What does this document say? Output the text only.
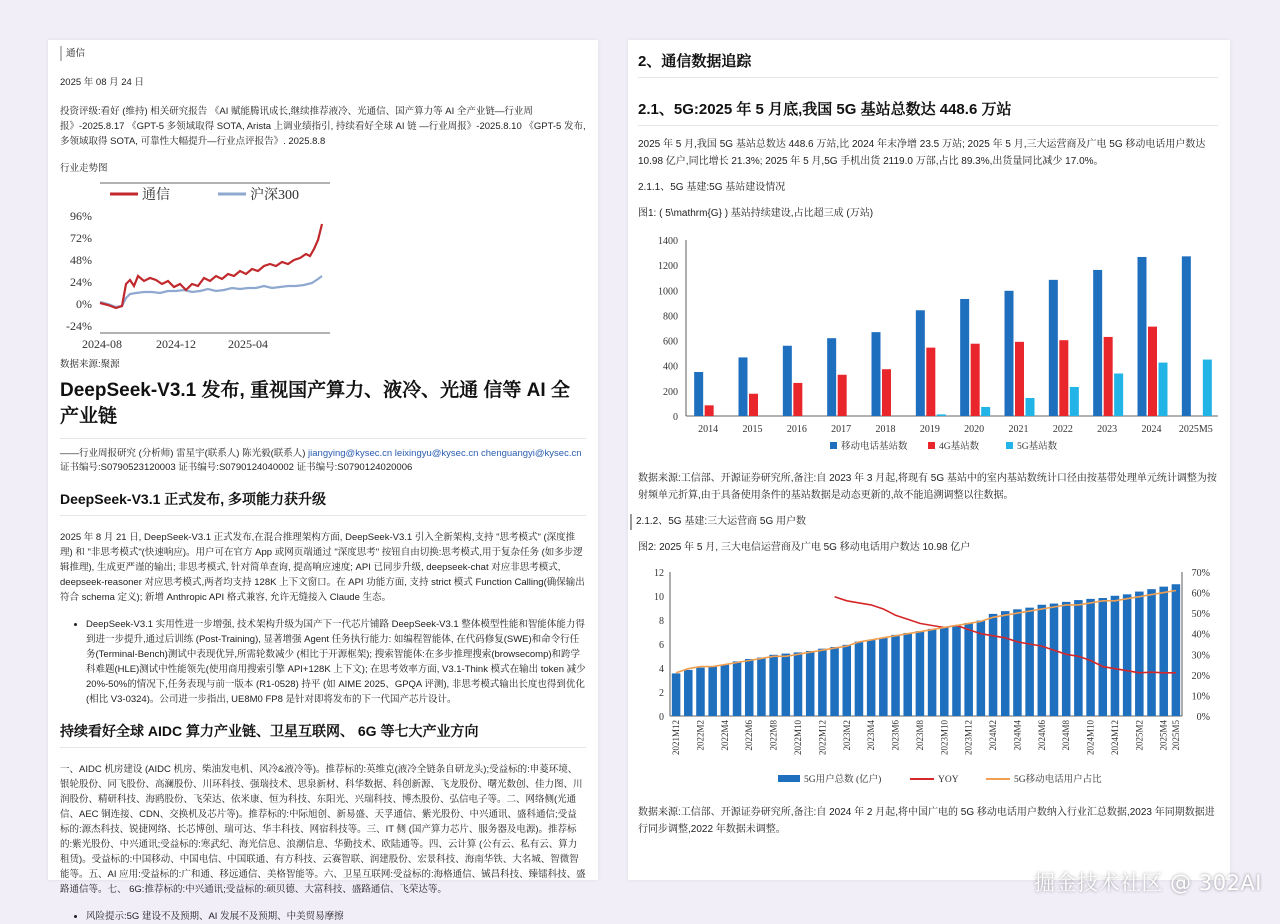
通信
2025 年 08 月 24 日
投资评级:看好 (维持) 相关研究报告 《AI 赋能腾讯成长,继续推荐液冷、光通信、国产算力等 AI 全产业链—行业周报》-2025.8.17 《GPT-5 多领域取得 SOTA, Arista 上调业绩指引, 持续看好全球 AI 链 —行业周报》-2025.8.10 《GPT-5 发布, 多领域取得 SOTA, 可靠性大幅提升—行业点评报告》. 2025.8.8
行业走势图
通信	沪深300
96%
72%
48%
24%
0%
-24%
2024-08	2024-12	2025-04
数据来源:聚源
DeepSeek-V3.1 发布, 重视国产算力、液冷、光通 信等 AI 全产业链
——行业周报研究 (分析师) 雷星宇(联系人) 陈光毅(联系人) jiangying@kysec.cn leixingyu@kysec.cn chenguangyi@kysec.cn 证书编号:S0790523120003 证书编号:S0790124040002 证书编号:S0790124020006
DeepSeek-V3.1 正式发布, 多项能力获升级

2025 年 8 月 21 日, DeepSeek-V3.1 正式发布,在混合推理架构方面, DeepSeek-V3.1 引入全新架构,支持 "思考模式" (深度推理) 和 "非思考模式"(快速响应)。用户可在官方 App 或网页端通过 "深度思考" 按钮自由切换:思考模式,用于复杂任务 (如多步逻辑推理), 生成更严谨的输出; 非思考模式, 针对简单查询, 提高响应速度; API 已同步升级, deepseek-chat 对应非思考模式, deepseek-reasoner 对应思考模式,两者均支持 128K 上下文窗口。在 API 功能方面, 支持 strict 模式 Function Calling(确保输出符合 schema 定义); 新增 Anthropic API 格式兼容, 允许无缝接入 Claude 生态。

• DeepSeek-V3.1 实用性进一步增强, 技术架构升级为国产下一代芯片铺路 DeepSeek-V3.1 整体模型性能和智能体能力得到进一步提升,通过后训练 (Post-Training), 显著增强 Agent 任务执行能力: 如编程智能体, 在代码修复(SWE)和命令行任务(Terminal-Bench)测试中表现优异,所需轮数减少 (相比于开源框架); 搜索智能体:在多步推理搜索(browsecomp)和跨学科难题(HLE)测试中性能领先(使用商用搜索引擎 API+128K 上下文); 在思考效率方面, V3.1-Think 模式在输出 token 减少 20%-50%的情况下,任务表现与前一版本 (R1-0528) 持平 (如 AIME 2025、GPQA 评测), 非思考模式输出长度也得到优化(相比 V3-0324)。公司进一步指出, UE8M0 FP8 是针对即将发布的下一代国产芯片设计。
持续看好全球 AIDC 算力产业链、卫星互联网、 6G 等七大产业方向

一、AIDC 机房建设 (AIDC 机房、柴油发电机、风冷&液冷等)。推荐标的:英维克(液冷全链条自研龙头);受益标的:申菱环境、银轮股份、同飞股份、高澜股份、川环科技、强瑞技术、思泉新材、科华数据、科创新源、飞龙股份、曙光数创、佳力图、川润股份、精研科技、海鸥股份、飞荣达、依米康、恒为科技、东阳光、兴瑞科技、博杰股份、弘信电子等。二、网络侧(光通信、AEC 铜连接、CDN、交换机及芯片等)。推荐标的:中际旭创、新易盛、天孚通信、紫光股份、中兴通讯、盛科通信;受益标的:源杰科技、锐捷网络、长芯博创、瑞可达、华丰科技、网宿科技等。三、IT 侧 (国产算力芯片、服务器及电源)。推荐标的:紫光股份、中兴通讯;受益标的:寒武纪、海光信息、浪潮信息、华勤技术、欧陆通等。四、云计算 (公有云、私有云、算力租赁)。受益标的:中国移动、中国电信、中国联通、有方科技、云赛智联、润建股份、宏景科技、海南华铁、大名城、智微智能等。五、AI 应用:受益标的:广和通、移远通信、美格智能等。六、卫星互联网:受益标的:海格通信、铖昌科技、臻镭科技、盛路通信等。七、 6G:推荐标的:中兴通讯;受益标的:硕贝德、大富科技、盛路通信、飞荣达等。

• 风险提示:5G 建设不及预期、AI 发展不及预期、中美贸易摩擦
2、通信数据追踪
2.1、5G:2025 年 5 月底,我国 5G 基站总数达 448.6 万站

2025 年 5 月,我国 5G 基站总数达 448.6 万站,比 2024 年末净增 23.5 万站; 2025 年 5 月,三大运营商及广电 5G 移动电话用户数达 10.98 亿户,同比增长 21.3%; 2025 年 5 月,5G 手机出货 2119.0 万部,占比 89.3%,出货量同比减少 17.0%。

2.1.1、5G 基建:5G 基站建设情况
图1: ( 5\mathrm{G} ) 基站持续建设,占比超三成 (万站)
0
200
400
600
800
1000
1200
1400
2014 2015 2016 2017 2018 2019 2020 2021 2022 2023 2024 2025M5
移动电话基站数	4G基站数	5G基站数

数据来源:工信部、开源证券研究所,备注:自 2023 年 3 月起,将现有 5G 基站中的室内基站数统计口径由按基带处理单元统计调整为按射频单元折算,由于具备使用条件的基站数据是动态更新的,故不能追溯调整以往数据。

2.1.2、5G 基建:三大运营商 5G 用户数
图2: 2025 年 5 月, 三大电信运营商及广电 5G 移动电话用户数达 10.98 亿户
0
2
4
6
8
10
12
0%
10%
20%
30%
40%
50%
60%
70%
2021M12 2022M2 2022M4 2022M6 2022M8 2022M10 2022M12 2023M2 2023M4 2023M6 2023M8 2023M10 2023M12 2024M2 2024M4 2024M6 2024M8 2024M10 2024M12 2025M2 2025M4 2025M5
5G用户总数 (亿户)	YOY	5G移动电话用户占比

数据来源:工信部、开源证券研究所,备注:自 2024 年 2 月起,将中国广电的 5G 移动电话用户数纳入行业汇总数据,2023 年同期数据进行同步调整,2022 年数据未调整。

掘金技术社区 @ 302AI
